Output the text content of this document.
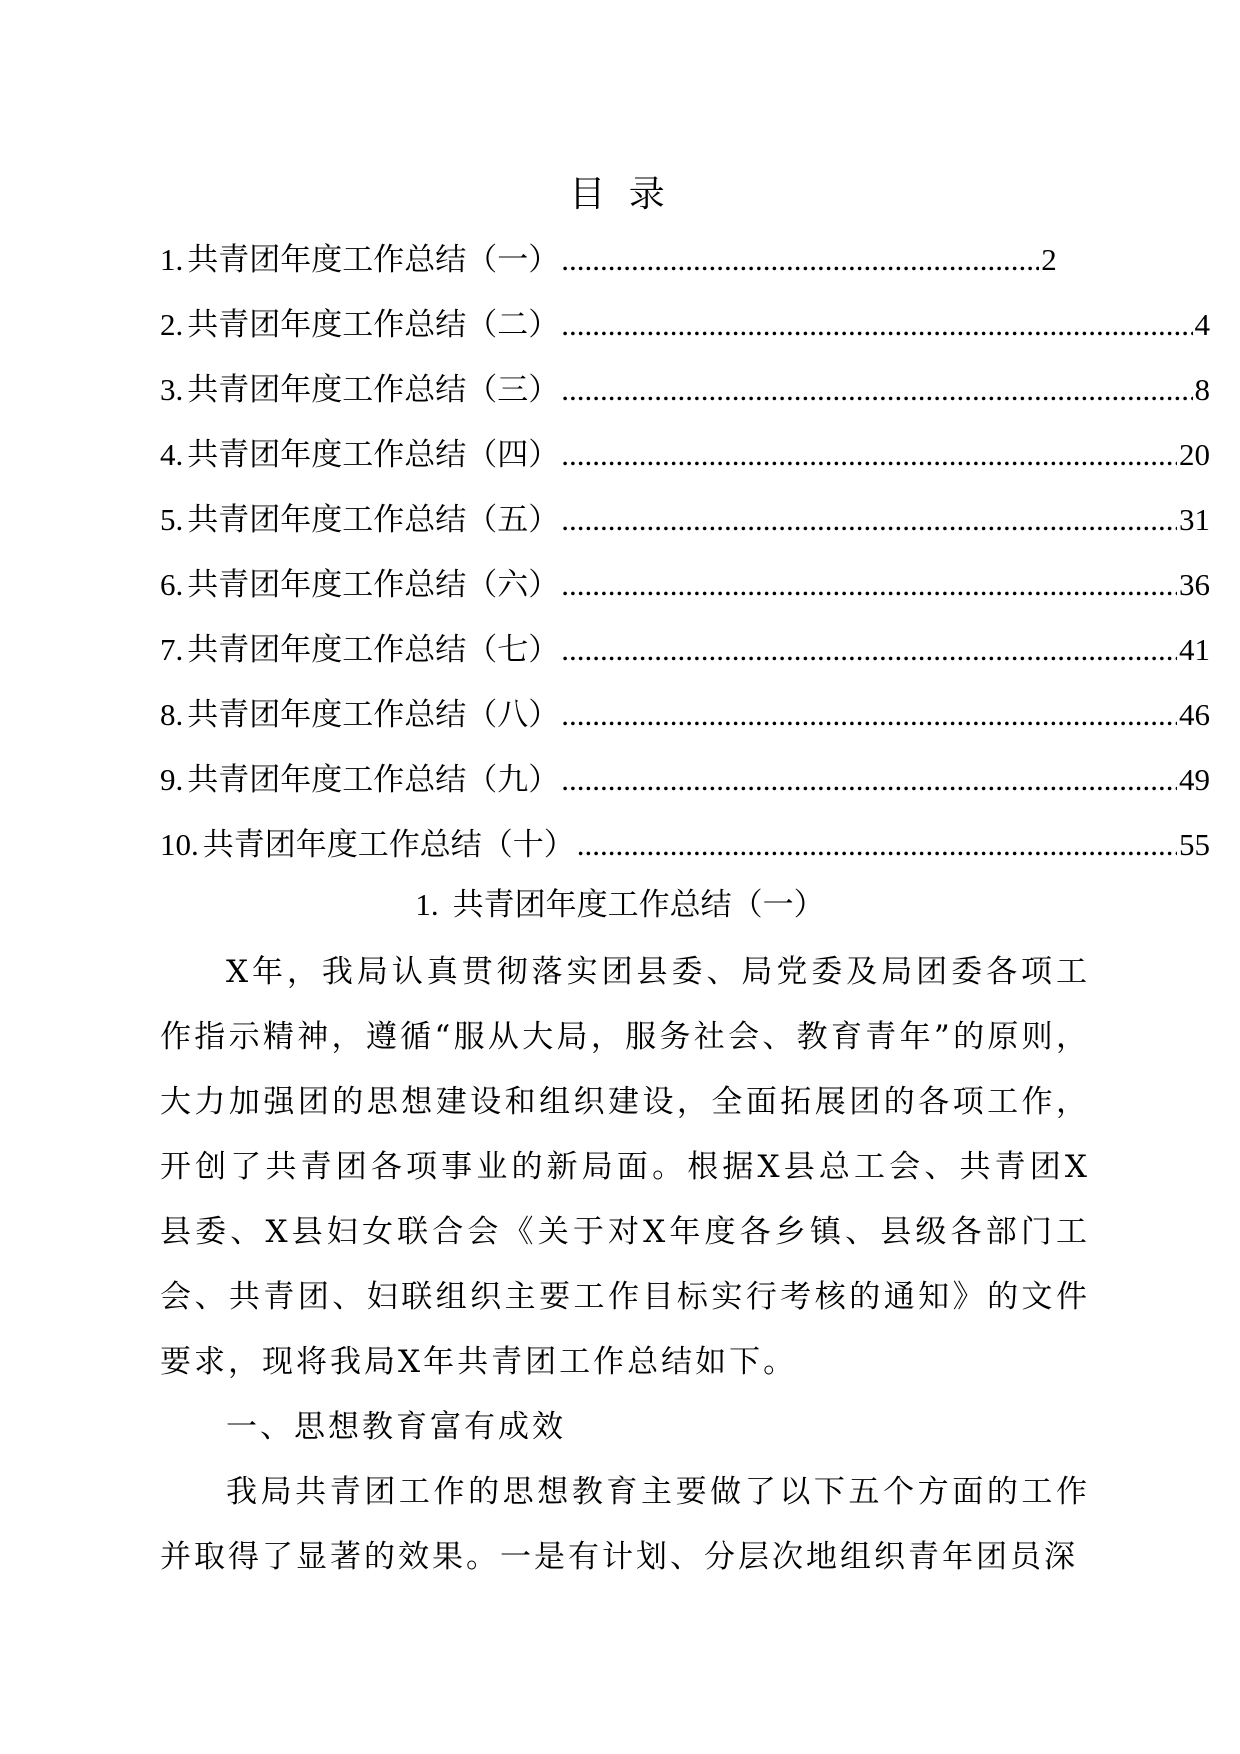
目 录
1. 共青团年度工作总结（一） .....	2
2. 共青团年度工作总结（二） .....	4
3. 共青团年度工作总结（三） .....	8
4. 共青团年度工作总结（四） .....	20
5. 共青团年度工作总结（五） .....	31
6. 共青团年度工作总结（六） .....	36
7. 共青团年度工作总结（七） .....	41
8. 共青团年度工作总结（八） .....	46
9. 共青团年度工作总结（九） .....	49
10. 共青团年度工作总结（十） .....	55
1. 共青团年度工作总结（一）

X年，我局认真贯彻落实团县委、局党委及局团委各项工作指示精神，遵循“服从大局，服务社会、教育青年”的原则，大力加强团的思想建设和组织建设，全面拓展团的各项工作，开创了共青团各项事业的新局面。根据X县总工会、共青团X县委、X县妇女联合会《关于对X年度各乡镇、县级各部门工会、共青团、妇联组织主要工作目标实行考核的通知》的文件要求，现将我局X年共青团工作总结如下。

一、思想教育富有成效

我局共青团工作的思想教育主要做了以下五个方面的工作并取得了显著的效果。一是有计划、分层次地组织青年团员深
